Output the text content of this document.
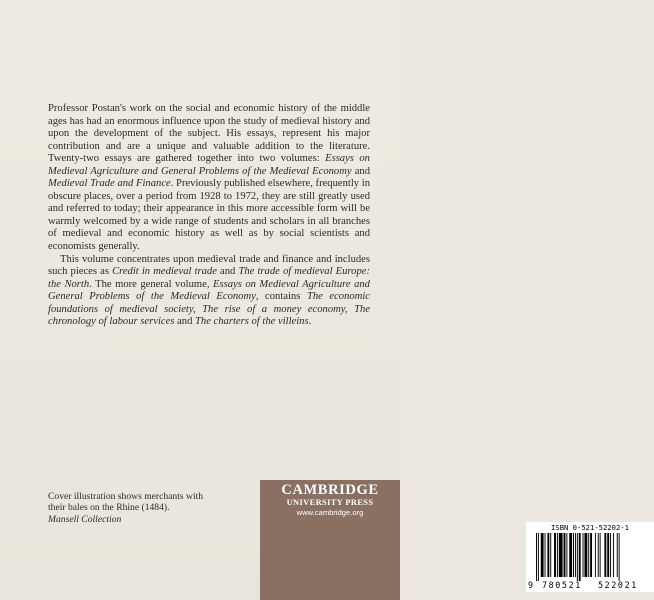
Professor Postan's work on the social and economic history of the middle ages has had an enormous influence upon the study of medieval history and upon the development of the subject. His essays, represent his major contribution and are a unique and valuable addition to the literature. Twenty-two essays are gathered together into two volumes: Essays on Medieval Agriculture and General Problems of the Medieval Economy and Medieval Trade and Finance. Previously published elsewhere, frequently in obscure places, over a period from 1928 to 1972, they are still greatly used and referred to today; their appearance in this more accessible form will be warmly welcomed by a wide range of students and scholars in all branches of medieval and economic history as well as by social scientists and economists generally.

This volume concentrates upon medieval trade and finance and includes such pieces as Credit in medieval trade and The trade of medieval Europe: the North. The more general volume, Essays on Medieval Agriculture and General Problems of the Medieval Economy, contains The economic foundations of medieval society, The rise of a money economy, The chronology of labour services and The charters of the villeins.

Cover illustration shows merchants with their bales on the Rhine (1484).
Mansell Collection
CAMBRIDGE
UNIVERSITY PRESS
www.cambridge.org
ISBN 0-521-52202-1
9 780521 522021
